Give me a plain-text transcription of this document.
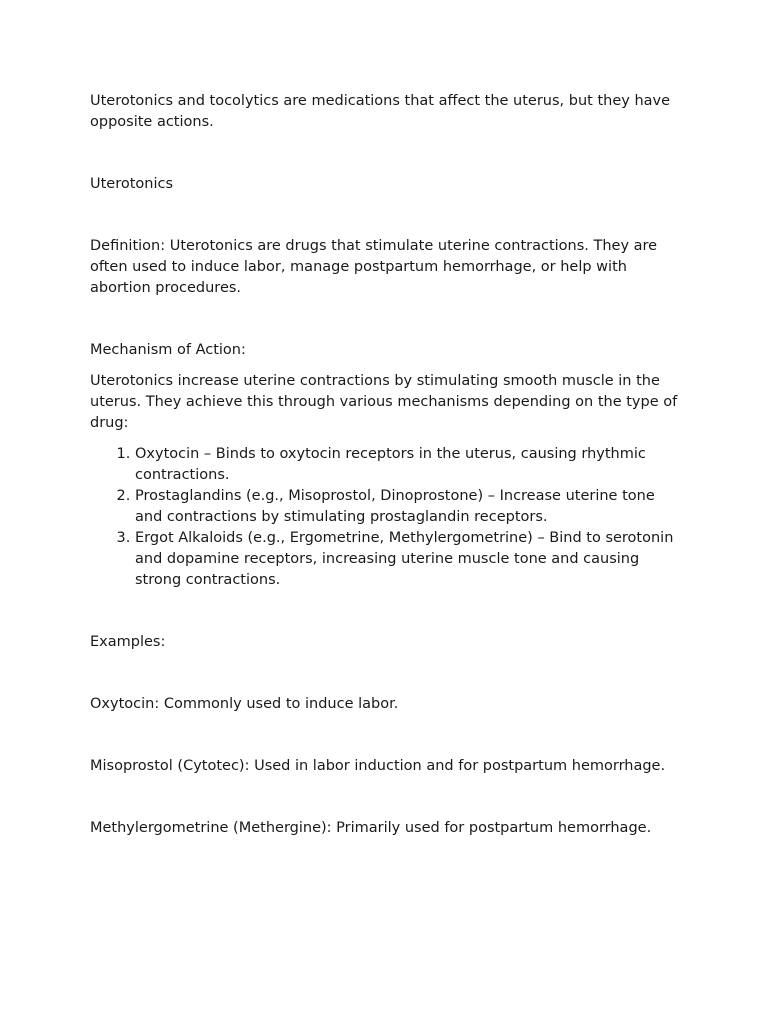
Uterotonics and tocolytics are medications that affect the uterus, but they have opposite actions.

Uterotonics

Definition: Uterotonics are drugs that stimulate uterine contractions. They are often used to induce labor, manage postpartum hemorrhage, or help with abortion procedures.

Mechanism of Action:

Uterotonics increase uterine contractions by stimulating smooth muscle in the uterus. They achieve this through various mechanisms depending on the type of drug:

1. Oxytocin – Binds to oxytocin receptors in the uterus, causing rhythmic contractions.
2. Prostaglandins (e.g., Misoprostol, Dinoprostone) – Increase uterine tone and contractions by stimulating prostaglandin receptors.
3. Ergot Alkaloids (e.g., Ergometrine, Methylergometrine) – Bind to serotonin and dopamine receptors, increasing uterine muscle tone and causing strong contractions.

Examples:

Oxytocin: Commonly used to induce labor.

Misoprostol (Cytotec): Used in labor induction and for postpartum hemorrhage.

Methylergometrine (Methergine): Primarily used for postpartum hemorrhage.
